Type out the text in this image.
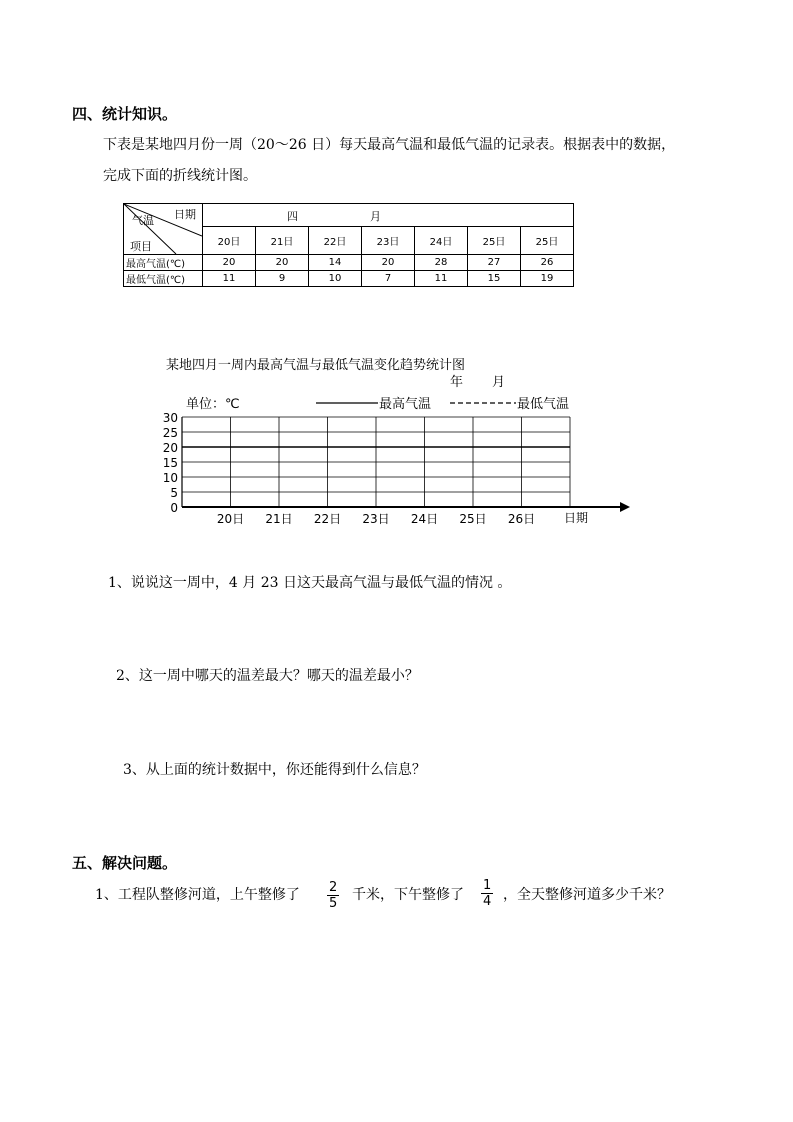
四、统计知识。
下表是某地四月份一周（20～26 日）每天最高气温和最低气温的记录表。根据表中的数据，
完成下面的折线统计图。
气温 日期
项目	四 月						

	20日	21日	22日	23日	24日	25日	25日
最高气温(℃)	20	20	14	20	28	27	26
最低气温(℃)	11	9	10	7	11	15	19
某地四月一周内最高气温与最低气温变化趋势统计图
年 月
30
25
20
15
10
5
0
20日 21日 22日 23日 24日 25日 26日
单位：℃	最高气温	最低气温
日期
1、说说这一周中，4 月 23 日这天最高气温与最低气温的情况 。
2、这一周中哪天的温差最大？哪天的温差最小？
3、从上面的统计数据中，你还能得到什么信息？
五、解决问题。
1、工程队整修河道，上午整修了 $\frac{2}{5}$ 千米，下午整修了 $\frac{1}{4}$ ，全天整修河道多少千米？
